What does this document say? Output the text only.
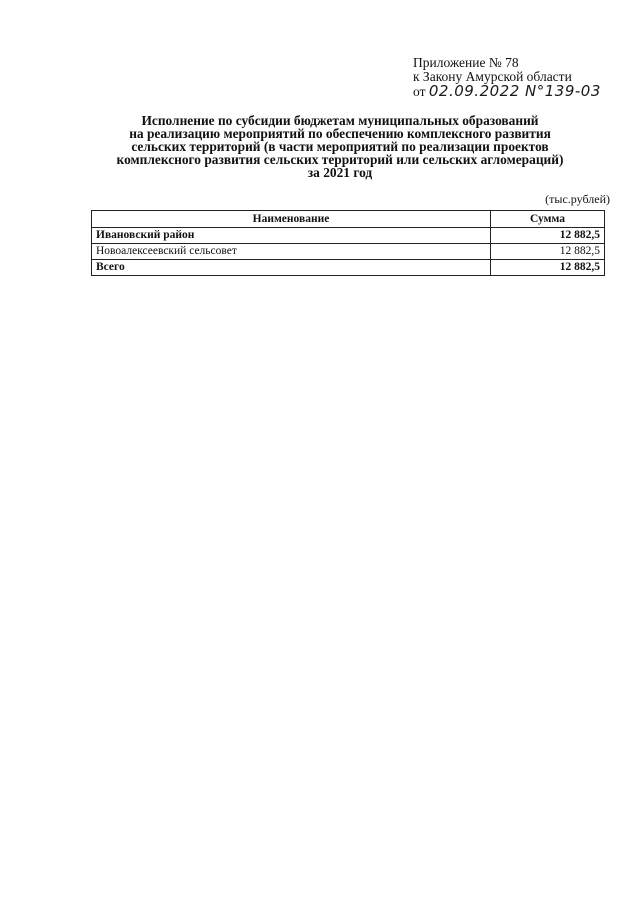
Приложение № 78
к Закону Амурской области
от 02.09.2022 N°139-03
Исполнение по субсидии бюджетам муниципальных образований
на реализацию мероприятий по обеспечению комплексного развития
сельских территорий (в части мероприятий по реализации проектов
комплексного развития сельских территорий или сельских агломераций)
за 2021 год
(тыс.рублей)
Наименование	Сумма
Ивановский район	12 882,5
Новоалексеевский сельсовет	12 882,5
Всего	12 882,5
